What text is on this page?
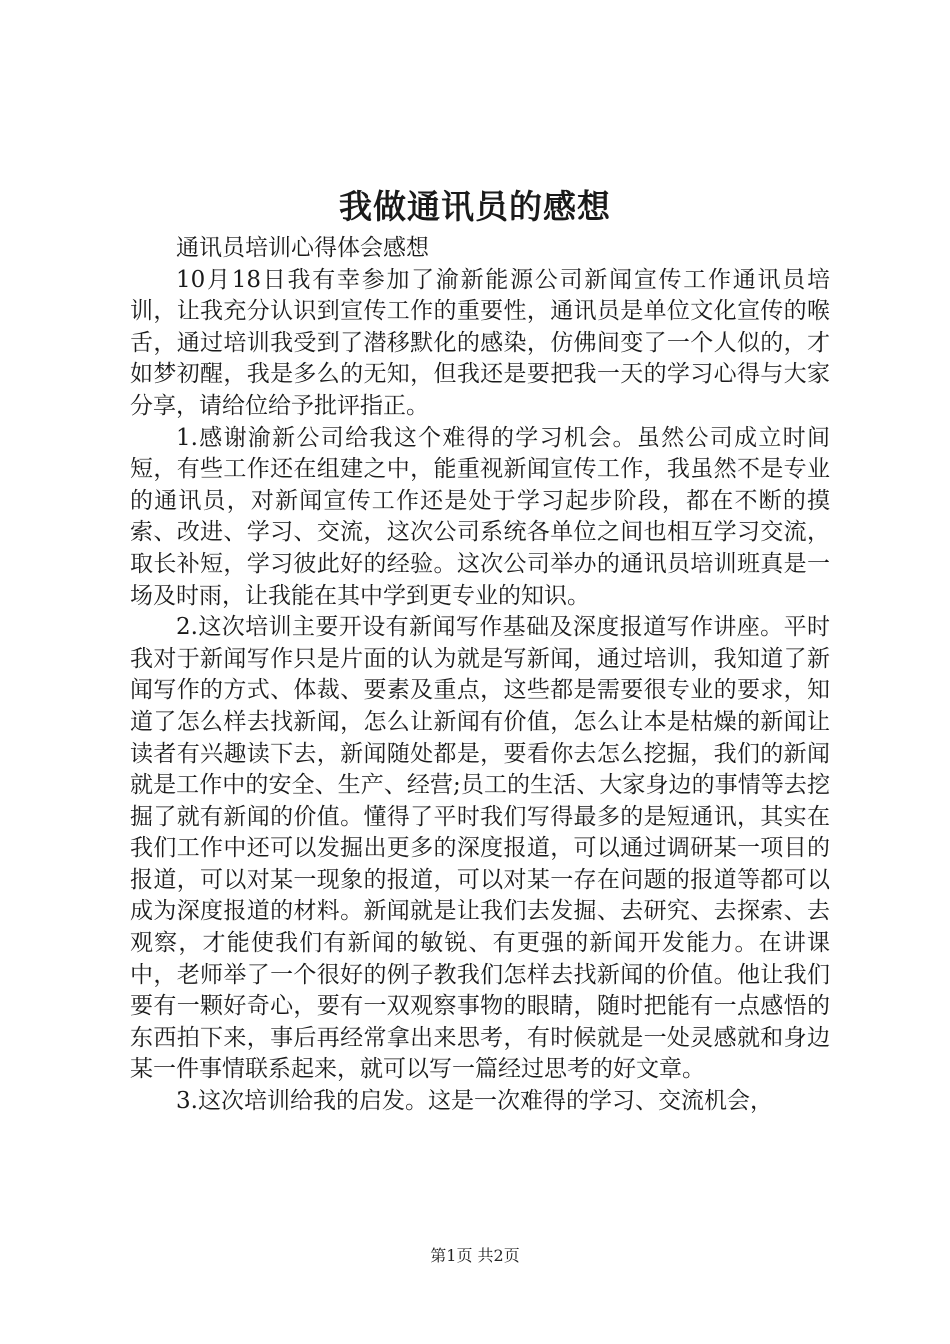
我做通讯员的感想

通讯员培训心得体会感想

10月18日我有幸参加了渝新能源公司新闻宣传工作通讯员培训，让我充分认识到宣传工作的重要性，通讯员是单位文化宣传的喉舌，通过培训我受到了潜移默化的感染，仿佛间变了一个人似的，才如梦初醒，我是多么的无知，但我还是要把我一天的学习心得与大家分享，请给位给予批评指正。

1.感谢渝新公司给我这个难得的学习机会。虽然公司成立时间短，有些工作还在组建之中，能重视新闻宣传工作，我虽然不是专业的通讯员，对新闻宣传工作还是处于学习起步阶段，都在不断的摸索、改进、学习、交流，这次公司系统各单位之间也相互学习交流，取长补短，学习彼此好的经验。这次公司举办的通讯员培训班真是一场及时雨，让我能在其中学到更专业的知识。

2.这次培训主要开设有新闻写作基础及深度报道写作讲座。平时我对于新闻写作只是片面的认为就是写新闻，通过培训，我知道了新闻写作的方式、体裁、要素及重点，这些都是需要很专业的要求，知道了怎么样去找新闻，怎么让新闻有价值，怎么让本是枯燥的新闻让读者有兴趣读下去，新闻随处都是，要看你去怎么挖掘，我们的新闻就是工作中的安全、生产、经营;员工的生活、大家身边的事情等去挖掘了就有新闻的价值。懂得了平时我们写得最多的是短通讯，其实在我们工作中还可以发掘出更多的深度报道，可以通过调研某一项目的报道，可以对某一现象的报道，可以对某一存在问题的报道等都可以成为深度报道的材料。新闻就是让我们去发掘、去研究、去探索、去观察，才能使我们有新闻的敏锐、有更强的新闻开发能力。在讲课中，老师举了一个很好的例子教我们怎样去找新闻的价值。他让我们要有一颗好奇心，要有一双观察事物的眼睛，随时把能有一点感悟的东西拍下来，事后再经常拿出来思考，有时候就是一处灵感就和身边某一件事情联系起来，就可以写一篇经过思考的好文章。

3.这次培训给我的启发。这是一次难得的学习、交流机会，

第1页 共2页
